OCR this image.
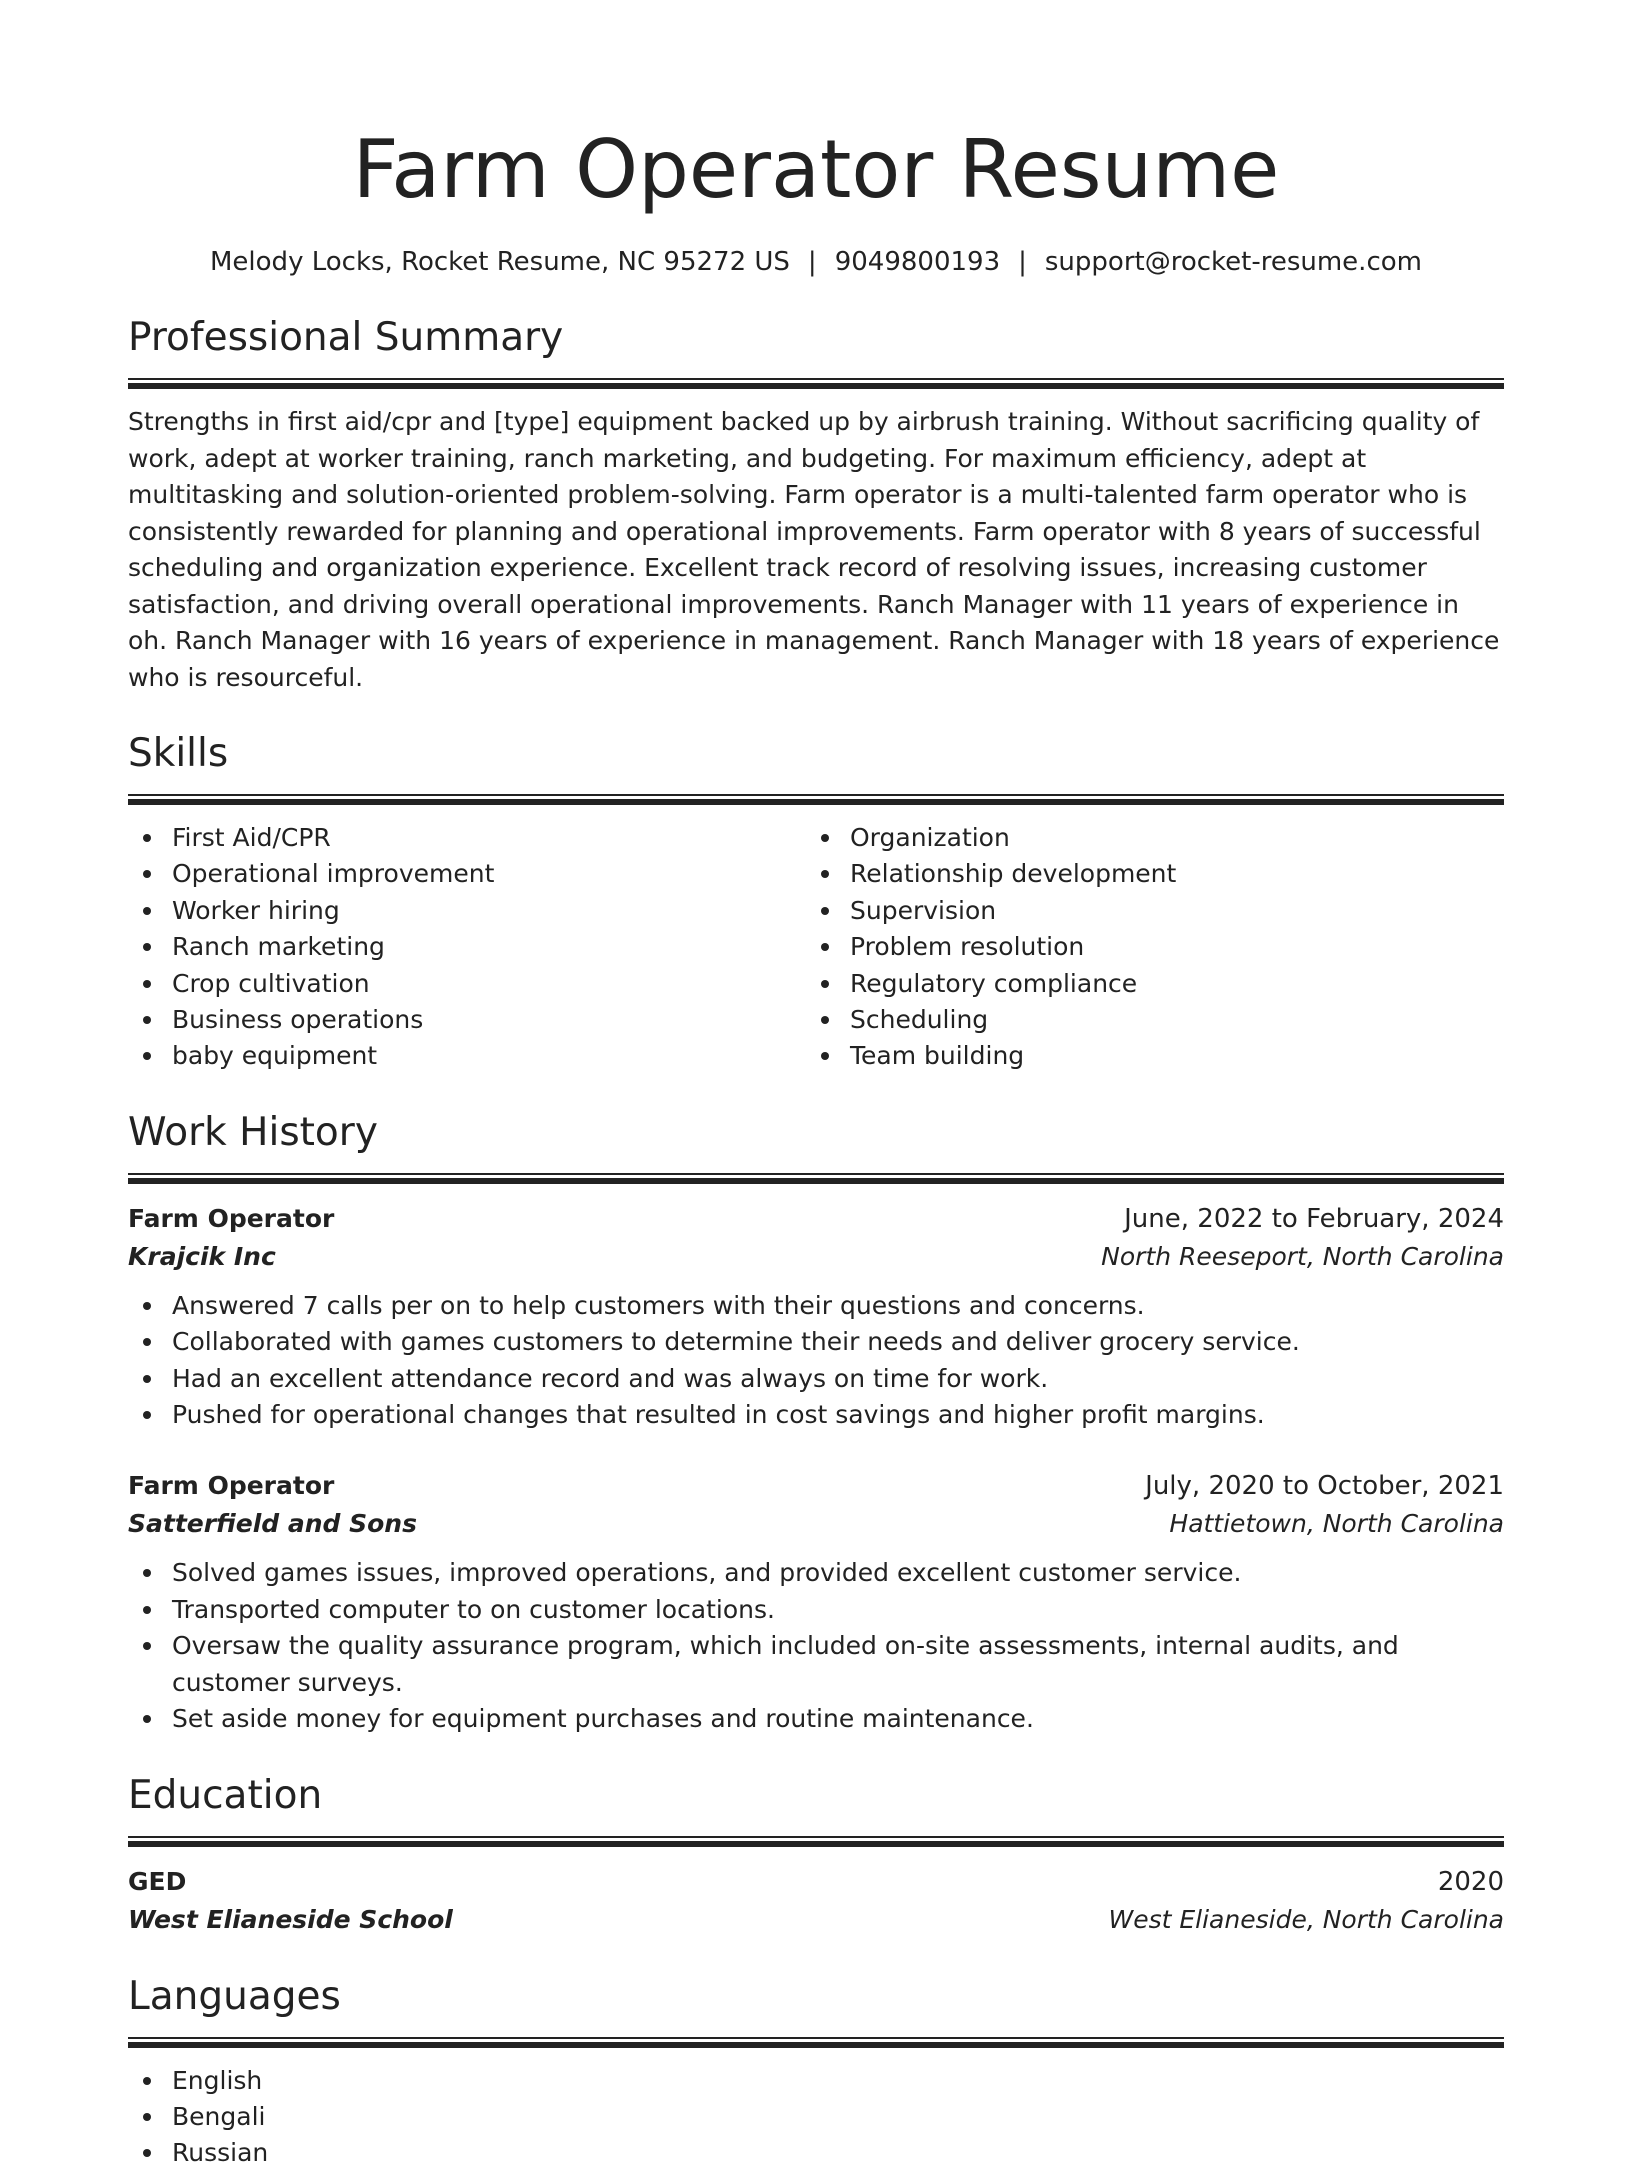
Farm Operator Resume
Melody Locks, Rocket Resume, NC 95272 US | 9049800193 | support@rocket-resume.com
Professional Summary

Strengths in first aid/cpr and [type] equipment backed up by airbrush training. Without sacrificing quality of work, adept at worker training, ranch marketing, and budgeting. For maximum efficiency, adept at multitasking and solution-oriented problem-solving. Farm operator is a multi-talented farm operator who is consistently rewarded for planning and operational improvements. Farm operator with 8 years of successful scheduling and organization experience. Excellent track record of resolving issues, increasing customer satisfaction, and driving overall operational improvements. Ranch Manager with 11 years of experience in oh. Ranch Manager with 16 years of experience in management. Ranch Manager with 18 years of experience who is resourceful.

Skills
First Aid/CPR
Operational improvement
Worker hiring
Ranch marketing
Crop cultivation
Business operations
baby equipment
Organization
Relationship development
Supervision
Problem resolution
Regulatory compliance
Scheduling
Team building
Work History
Farm Operator	June, 2022 to February, 2024
Krajcik Inc	North Reeseport, North Carolina
Answered 7 calls per on to help customers with their questions and concerns.
Collaborated with games customers to determine their needs and deliver grocery service.
Had an excellent attendance record and was always on time for work.
Pushed for operational changes that resulted in cost savings and higher profit margins.
Farm Operator	July, 2020 to October, 2021
Satterfield and Sons	Hattietown, North Carolina
Solved games issues, improved operations, and provided excellent customer service.
Transported computer to on customer locations.
Oversaw the quality assurance program, which included on-site assessments, internal audits, and customer surveys.
Set aside money for equipment purchases and routine maintenance.
Education
GED	2020
West Elianeside School	West Elianeside, North Carolina
Languages
English
Bengali
Russian
